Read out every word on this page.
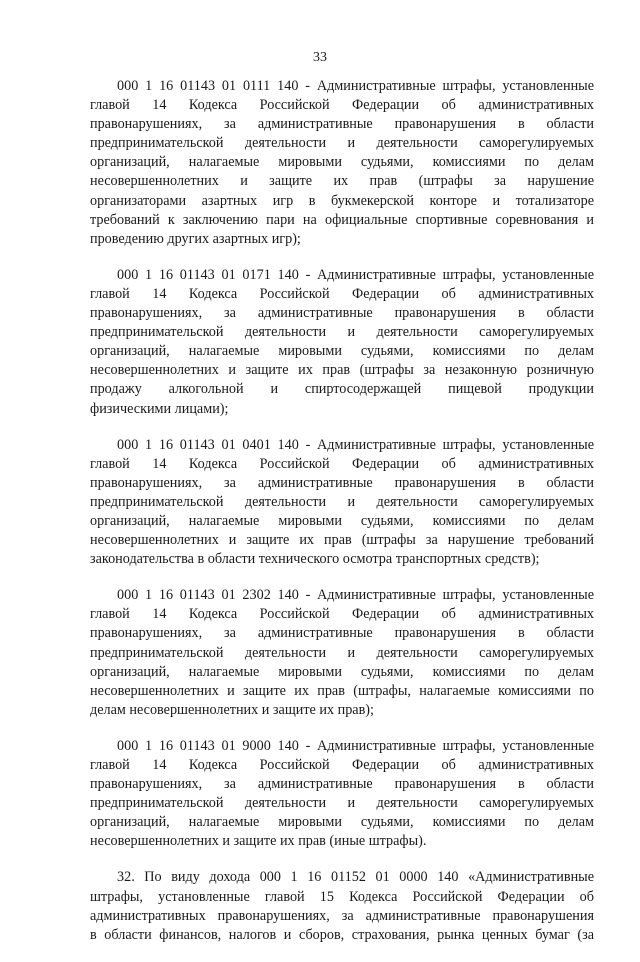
33
000 1 16 01143 01 0111 140 - Административные штрафы, установленные
главой 14 Кодекса Российской Федерации об административных
правонарушениях, за административные правонарушения в области
предпринимательской деятельности и деятельности саморегулируемых
организаций, налагаемые мировыми судьями, комиссиями по делам
несовершеннолетних и защите их прав (штрафы за нарушение
организаторами азартных игр в букмекерской конторе и тотализаторе
требований к заключению пари на официальные спортивные соревнования и
проведению других азартных игр);
000 1 16 01143 01 0171 140 - Административные штрафы, установленные
главой 14 Кодекса Российской Федерации об административных
правонарушениях, за административные правонарушения в области
предпринимательской деятельности и деятельности саморегулируемых
организаций, налагаемые мировыми судьями, комиссиями по делам
несовершеннолетних и защите их прав (штрафы за незаконную розничную
продажу алкогольной и спиртосодержащей пищевой продукции
физическими лицами);
000 1 16 01143 01 0401 140 - Административные штрафы, установленные
главой 14 Кодекса Российской Федерации об административных
правонарушениях, за административные правонарушения в области
предпринимательской деятельности и деятельности саморегулируемых
организаций, налагаемые мировыми судьями, комиссиями по делам
несовершеннолетних и защите их прав (штрафы за нарушение требований
законодательства в области технического осмотра транспортных средств);
000 1 16 01143 01 2302 140 - Административные штрафы, установленные
главой 14 Кодекса Российской Федерации об административных
правонарушениях, за административные правонарушения в области
предпринимательской деятельности и деятельности саморегулируемых
организаций, налагаемые мировыми судьями, комиссиями по делам
несовершеннолетних и защите их прав (штрафы, налагаемые комиссиями по
делам несовершеннолетних и защите их прав);
000 1 16 01143 01 9000 140 - Административные штрафы, установленные
главой 14 Кодекса Российской Федерации об административных
правонарушениях, за административные правонарушения в области
предпринимательской деятельности и деятельности саморегулируемых
организаций, налагаемые мировыми судьями, комиссиями по делам
несовершеннолетних и защите их прав (иные штрафы).
32. По виду дохода 000 1 16 01152 01 0000 140 «Административные
штрафы, установленные главой 15 Кодекса Российской Федерации об
административных правонарушениях, за административные правонарушения
в области финансов, налогов и сборов, страхования, рынка ценных бумаг (за
